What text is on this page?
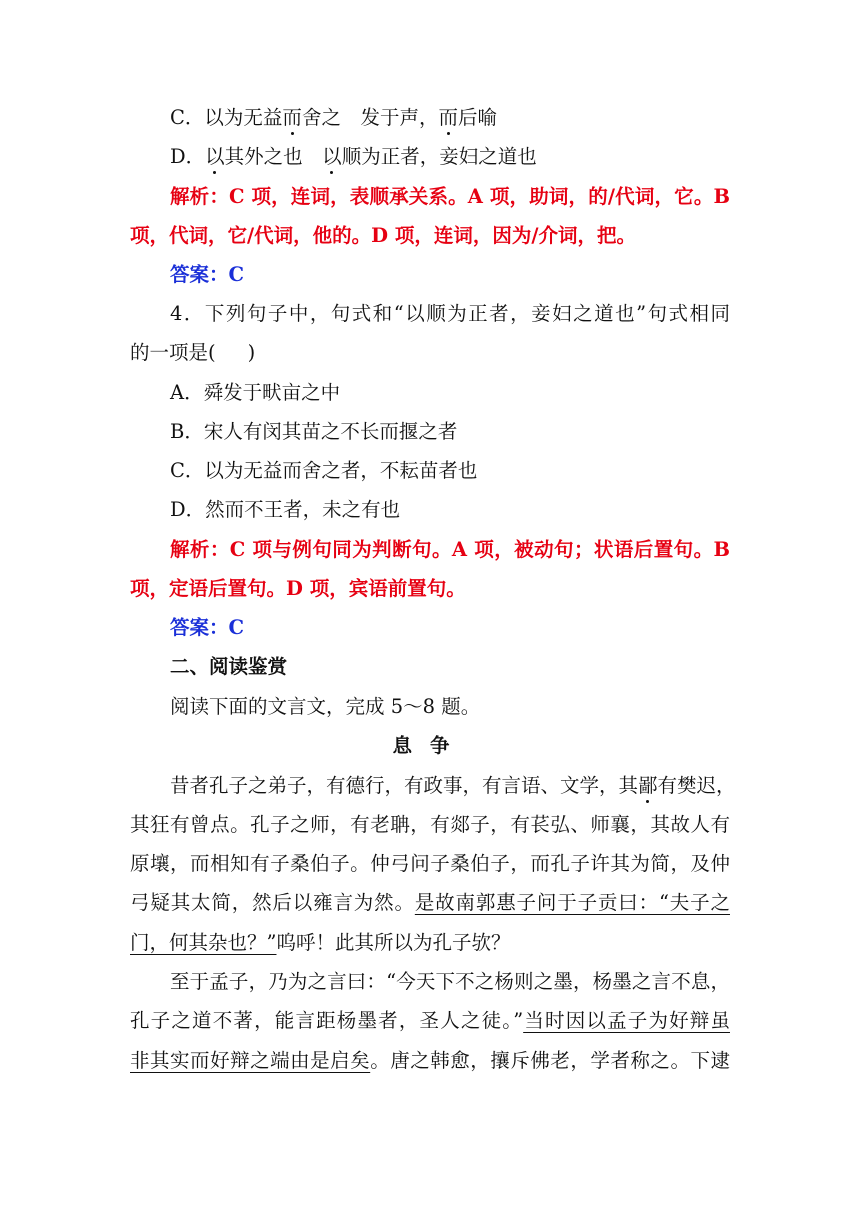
C．以为无益而舍之　发于声，而后喻
D．以其外之也　以顺为正者，妾妇之道也
解析：C 项，连词，表顺承关系。A 项，助词，的/代词，它。B
项，代词，它/代词，他的。D 项，连词，因为/介词，把。
答案：C
4．下列句子中，句式和“以顺为正者，妾妇之道也”句式相同
的一项是( )
A．舜发于畎亩之中
B．宋人有闵其苗之不长而揠之者
C．以为无益而舍之者，不耘苗者也
D．然而不王者，未之有也
解析：C 项与例句同为判断句。A 项，被动句；状语后置句。B
项，定语后置句。D 项，宾语前置句。
答案：C
二、阅读鉴赏
阅读下面的文言文，完成 5～8 题。
息争
昔者孔子之弟子，有德行，有政事，有言语、文学，其鄙有樊迟，
其狂有曾点。孔子之师，有老聃，有郯子，有苌弘、师襄，其故人有
原壤，而相知有子桑伯子。仲弓问子桑伯子，而孔子许其为简，及仲
弓疑其太简，然后以雍言为然。是故南郭惠子问于子贡曰：“夫子之
门，何其杂也？”呜呼！此其所以为孔子欤？
至于孟子，乃为之言曰：“今天下不之杨则之墨，杨墨之言不息，
孔子之道不著，能言距杨墨者，圣人之徒。”当时因以孟子为好辩虽
非其实而好辩之端由是启矣。唐之韩愈，攘斥佛老，学者称之。下逮
